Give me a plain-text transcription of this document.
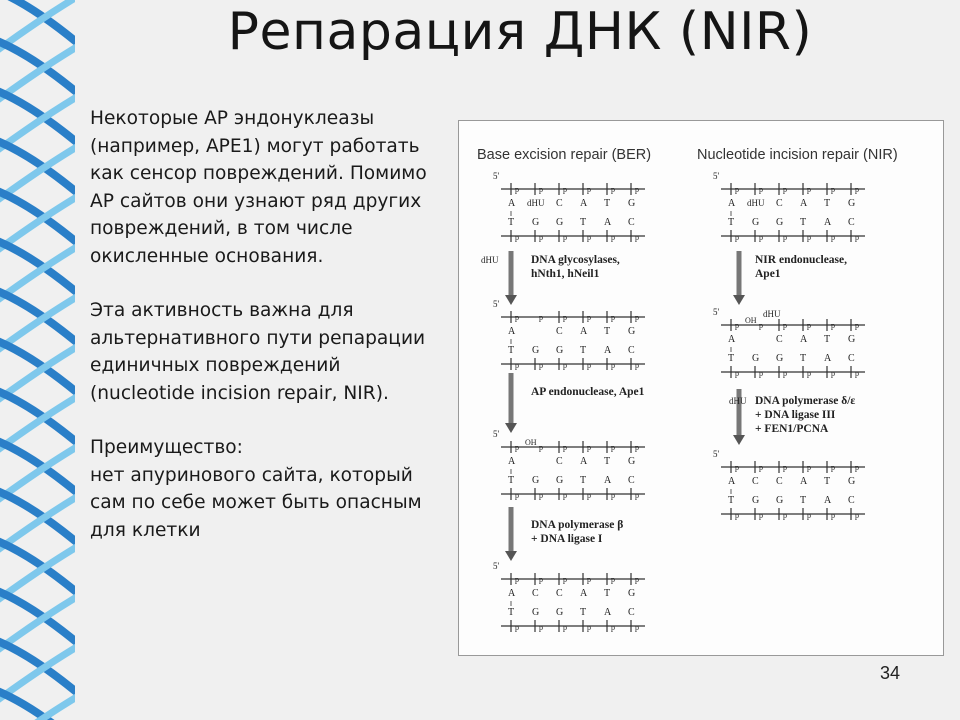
Репарация ДНК (NIR)

Некоторые AP эндонуклеазы (например, APE1) могут работать как сенсор повреждений. Помимо AP сайтов они узнают ряд других повреждений, в том числе окисленные основания.

Эта активность важна для альтернативного пути репарации единичных повреждений (nucleotide incision repair, NIR).

Преимущество:

нет апуринового сайта, который сам по себе может быть опасным для клетки

Base excision repair (BER)	Nucleotide incision repair (NIR)
5'
A
T
p
p
dHU
G
p
p
C
G
p
p
A
T
p
p
T
A
p
p
G
C
p
p
dHU	DNA glycosylases,
hNth1, hNeil1
5'
A
T
p
p
G
p
p
C
G
p
p
A
T
p
p
T
A
p
p
G
C
p
p
AP endonuclease, Ape1
5'
A
T
p
p
OH
G
p
p
C
G
p
p
A
T
p
p
T
A
p
p
G
C
p
p
DNA polymerase β
+ DNA ligase I
5'
A
T
p
p
C
G
p
p
C
G
p
p
A
T
p
p
T
A
p
p
G
C
p
p
5'
A
T
p
p
dHU
G
p
p
C
G
p
p
A
T
p
p
T
A
p
p
G
C
p
p
NIR endonuclease,
Ape1
5'
A
T
p
p
OH
G
p
p
C
G
p
p
A
T
p
p
T
A
p
p
G
C
p
p
dHU
dHU DNA polymerase δ/ε
+ DNA ligase III
+ FEN1/PCNA
5'
A
T
p
p
C
G
p
p
C
G
p
p
A
T
p
p
T
A
p
p
G
C
p
p
34
